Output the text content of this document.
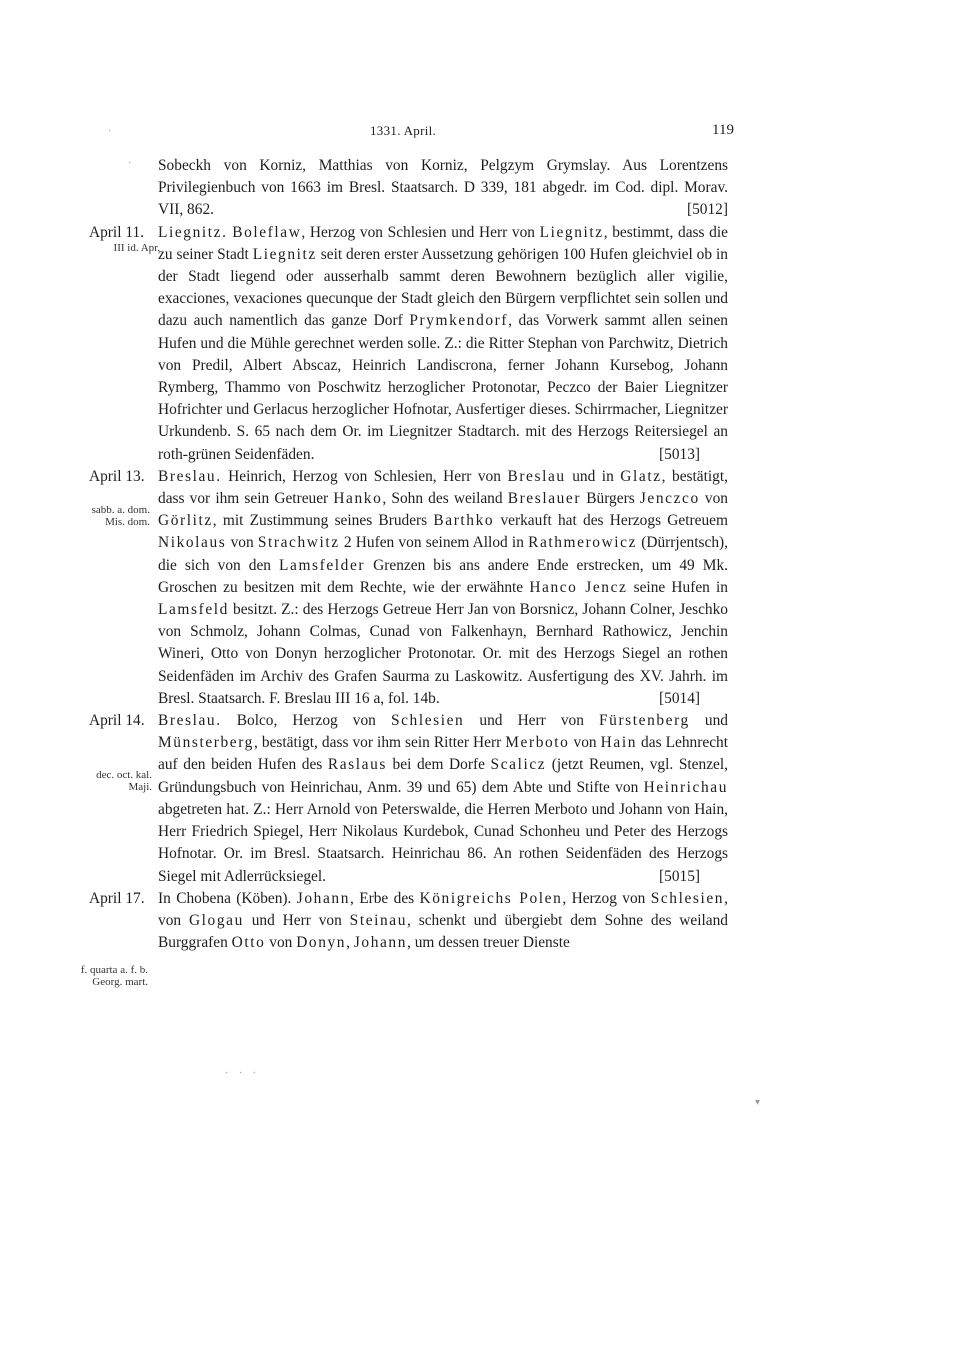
1331. April.	119
III id. Apr.
sabb. a. dom. Mis. dom.
dec. oct. kal. Maji.
f. quarta a. f. b. Georg. mart.

Sobeckh von Korniz, Matthias von Korniz, Pelgzym Grymslay. Aus Lorentzens Privilegienbuch von 1663 im Bresl. Staatsarch. D 339, 181 abgedr. im Cod. dipl. Morav. VII, 862.	[5012]

April 11. Liegnitz. Boleflaw, Herzog von Schlesien und Herr von Liegnitz, bestimmt, dass die zu seiner Stadt Liegnitz seit deren erster Aussetzung gehörigen 100 Hufen gleichviel ob in der Stadt liegend oder ausserhalb sammt deren Bewohnern bezüglich aller vigilie, exacciones, vexaciones quecunque der Stadt gleich den Bürgern verpflichtet sein sollen und dazu auch namentlich das ganze Dorf Prymkendorf, das Vorwerk sammt allen seinen Hufen und die Mühle gerechnet werden solle. Z.: die Ritter Stephan von Parchwitz, Dietrich von Predil, Albert Abscaz, Heinrich Landiscrona, ferner Johann Kursebog, Johann Rymberg, Thammo von Poschwitz herzoglicher Protonotar, Peczco der Baier Liegnitzer Hofrichter und Gerlacus herzoglicher Hofnotar, Ausfertiger dieses. Schirrmacher, Liegnitzer Urkundenb. S. 65 nach dem Or. im Liegnitzer Stadtarch. mit des Herzogs Reitersiegel an roth-grünen Seidenfäden.	[5013]

April 13. Breslau. Heinrich, Herzog von Schlesien, Herr von Breslau und in Glatz, bestätigt, dass vor ihm sein Getreuer Hanko, Sohn des weiland Breslauer Bürgers Jenczco von Görlitz, mit Zustimmung seines Bruders Barthko verkauft hat des Herzogs Getreuem Nikolaus von Strachwitz 2 Hufen von seinem Allod in Rathmerowicz (Dürrjentsch), die sich von den Lamsfelder Grenzen bis ans andere Ende erstrecken, um 49 Mk. Groschen zu besitzen mit dem Rechte, wie der erwähnte Hanco Jencz seine Hufen in Lamsfeld besitzt. Z.: des Herzogs Getreue Herr Jan von Borsnicz, Johann Colner, Jeschko von Schmolz, Johann Colmas, Cunad von Falkenhayn, Bernhard Rathowicz, Jenchin Wineri, Otto von Donyn herzoglicher Protonotar. Or. mit des Herzogs Siegel an rothen Seidenfäden im Archiv des Grafen Saurma zu Laskowitz. Ausfertigung des XV. Jahrh. im Bresl. Staatsarch. F. Breslau III 16 a, fol. 14b.	[5014]

April 14. Breslau. Bolco, Herzog von Schlesien und Herr von Fürstenberg und Münsterberg, bestätigt, dass vor ihm sein Ritter Herr Merboto von Hain das Lehnrecht auf den beiden Hufen des Raslaus bei dem Dorfe Scalicz (jetzt Reumen, vgl. Stenzel, Gründungsbuch von Heinrichau, Anm. 39 und 65) dem Abte und Stifte von Heinrichau abgetreten hat. Z.: Herr Arnold von Peterswalde, die Herren Merboto und Johann von Hain, Herr Friedrich Spiegel, Herr Nikolaus Kurdebok, Cunad Schonheu und Peter des Herzogs Hofnotar. Or. im Bresl. Staatsarch. Heinrichau 86. An rothen Seidenfäden des Herzogs Siegel mit Adlerrücksiegel.	[5015]

April 17. In Chobena (Köben). Johann, Erbe des Königreichs Polen, Herzog von Schlesien, von Glogau und Herr von Steinau, schenkt und übergiebt dem Sohne des weiland Burggrafen Otto von Donyn, Johann, um dessen treuer Dienste

·
·
▾
· · ·
